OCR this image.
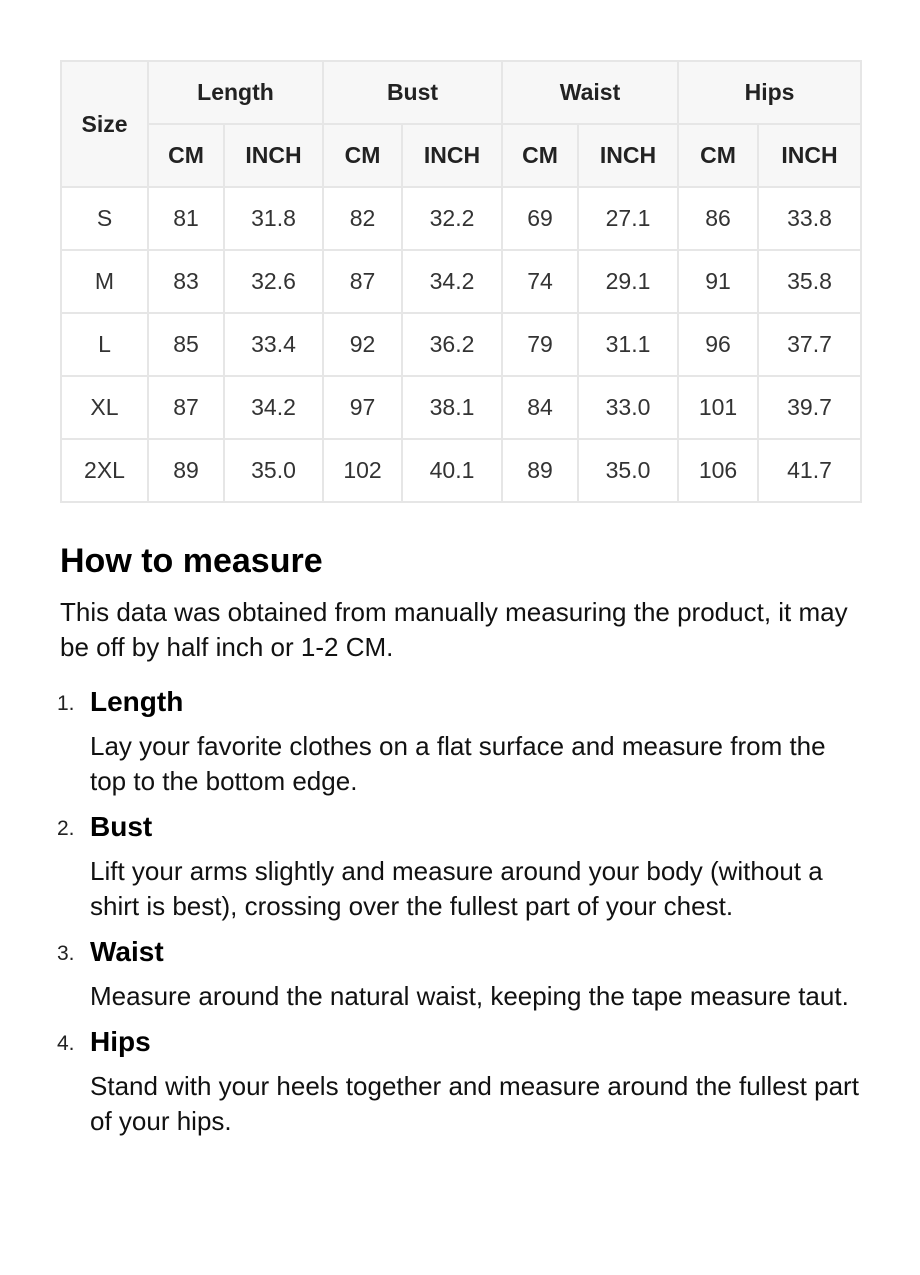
Size	Length		Bust		Waist		Hips	
	CM	INCH	CM	INCH	CM	INCH	CM	INCH
S	81	31.8	82	32.2	69	27.1	86	33.8
M	83	32.6	87	34.2	74	29.1	91	35.8
L	85	33.4	92	36.2	79	31.1	96	37.7
XL	87	34.2	97	38.1	84	33.0	101	39.7
2XL	89	35.0	102	40.1	89	35.0	106	41.7
How to measure

This data was obtained from manually measuring the product, it may be off by half inch or 1-2 CM.

1. Length
Lay your favorite clothes on a flat surface and measure from the top to the bottom edge.
2. Bust
Lift your arms slightly and measure around your body (without a shirt is best), crossing over the fullest part of your chest.
3. Waist
Measure around the natural waist, keeping the tape measure taut.
4. Hips
Stand with your heels together and measure around the fullest part of your hips.
